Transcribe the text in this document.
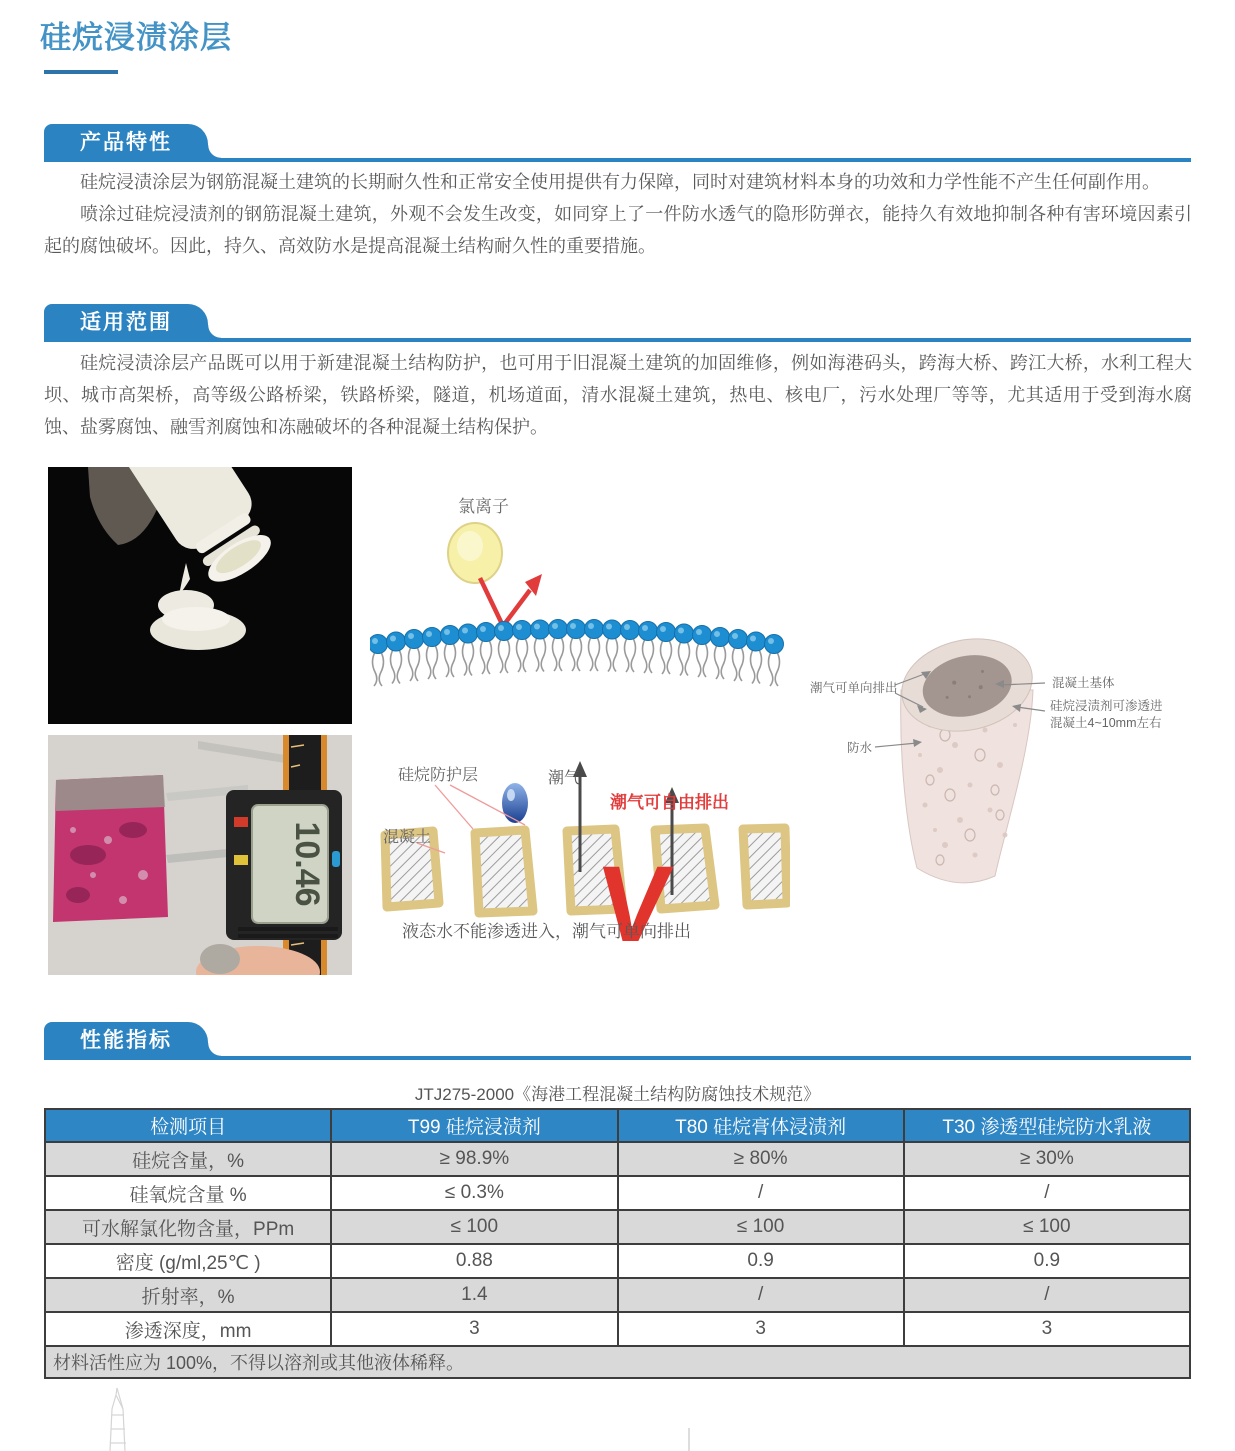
硅烷浸渍涂层
产品特性

硅烷浸渍涂层为钢筋混凝土建筑的长期耐久性和正常安全使用提供有力保障，同时对建筑材料本身的功效和力学性能不产生任何副作用。

喷涂过硅烷浸渍剂的钢筋混凝土建筑，外观不会发生改变，如同穿上了一件防水透气的隐形防弹衣，能持久有效地抑制各种有害环境因素引起的腐蚀破坏。因此，持久、高效防水是提高混凝土结构耐久性的重要措施。

适用范围

硅烷浸渍涂层产品既可以用于新建混凝土结构防护，也可用于旧混凝土建筑的加固维修，例如海港码头，跨海大桥、跨江大桥，水利工程大坝、城市高架桥，高等级公路桥梁，铁路桥梁，隧道，机场道面，清水混凝土建筑，热电、核电厂，污水处理厂等等，尤其适用于受到海水腐蚀、盐雾腐蚀、融雪剂腐蚀和冻融破坏的各种混凝土结构保护。

氯离子
潮气可单向排出	混凝土基体
硅烷浸渍剂可渗透进
混凝土4~10mm左右
防水
10.46
硅烷防护层	潮气
潮气可自由排出
混凝土
V
液态水不能渗透进入，潮气可单向排出
性能指标
JTJ275-2000《海港工程混凝土结构防腐蚀技术规范》
检测项目	T99 硅烷浸渍剂	T80 硅烷膏体浸渍剂	T30 渗透型硅烷防水乳液
硅烷含量，%	≥ 98.9%	≥ 80%	≥ 30%
硅氧烷含量 %	≤ 0.3%	/	/
可水解氯化物含量，PPm	≤ 100	≤ 100	≤ 100
密度 (g/ml,25℃ )	0.88	0.9	0.9
折射率，%	1.4	/	/
渗透深度，mm	3	3	3
材料活性应为 100%，不得以溶剂或其他液体稀释。			
